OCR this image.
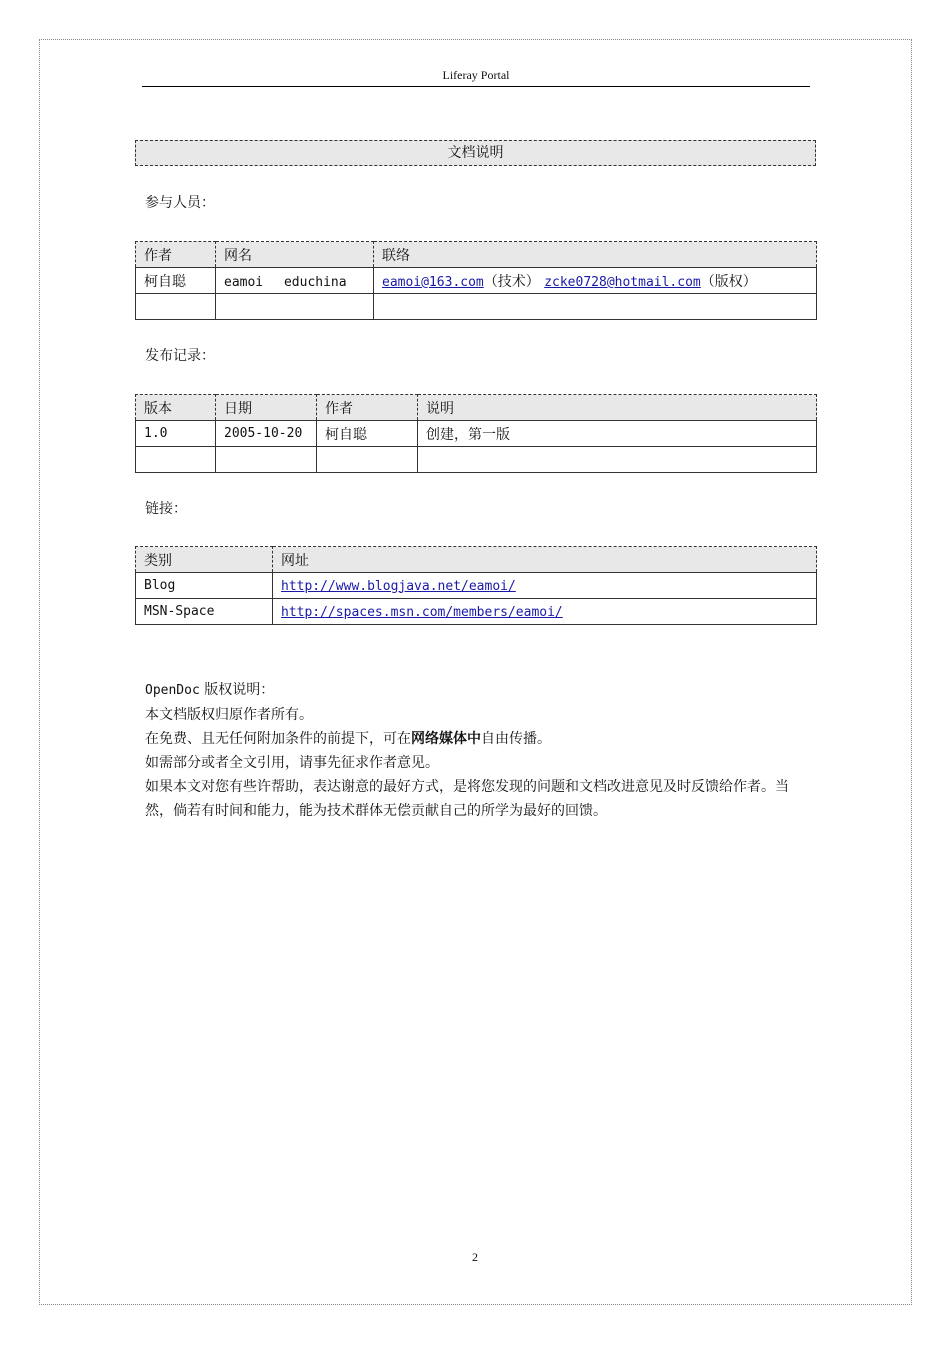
Liferay Portal
文档说明
参与人员：
作者	网名	联络
柯自聪	eamoi　 educhina	eamoi@163.com（技术） zcke0728@hotmail.com（版权）

发布记录：
版本	日期	作者	说明
1.0	2005-10-20	柯自聪	创建，第一版

链接：
类别	网址
Blog	http://www.blogjava.net/eamoi/
MSN-Space	http://spaces.msn.com/members/eamoi/
OpenDoc 版权说明：
本文档版权归原作者所有。
在免费、且无任何附加条件的前提下，可在网络媒体中自由传播。
如需部分或者全文引用，请事先征求作者意见。
如果本文对您有些许帮助，表达谢意的最好方式，是将您发现的问题和文档改进意见及时反馈给作者。当然，倘若有时间和能力，能为技术群体无偿贡献自己的所学为最好的回馈。
2
